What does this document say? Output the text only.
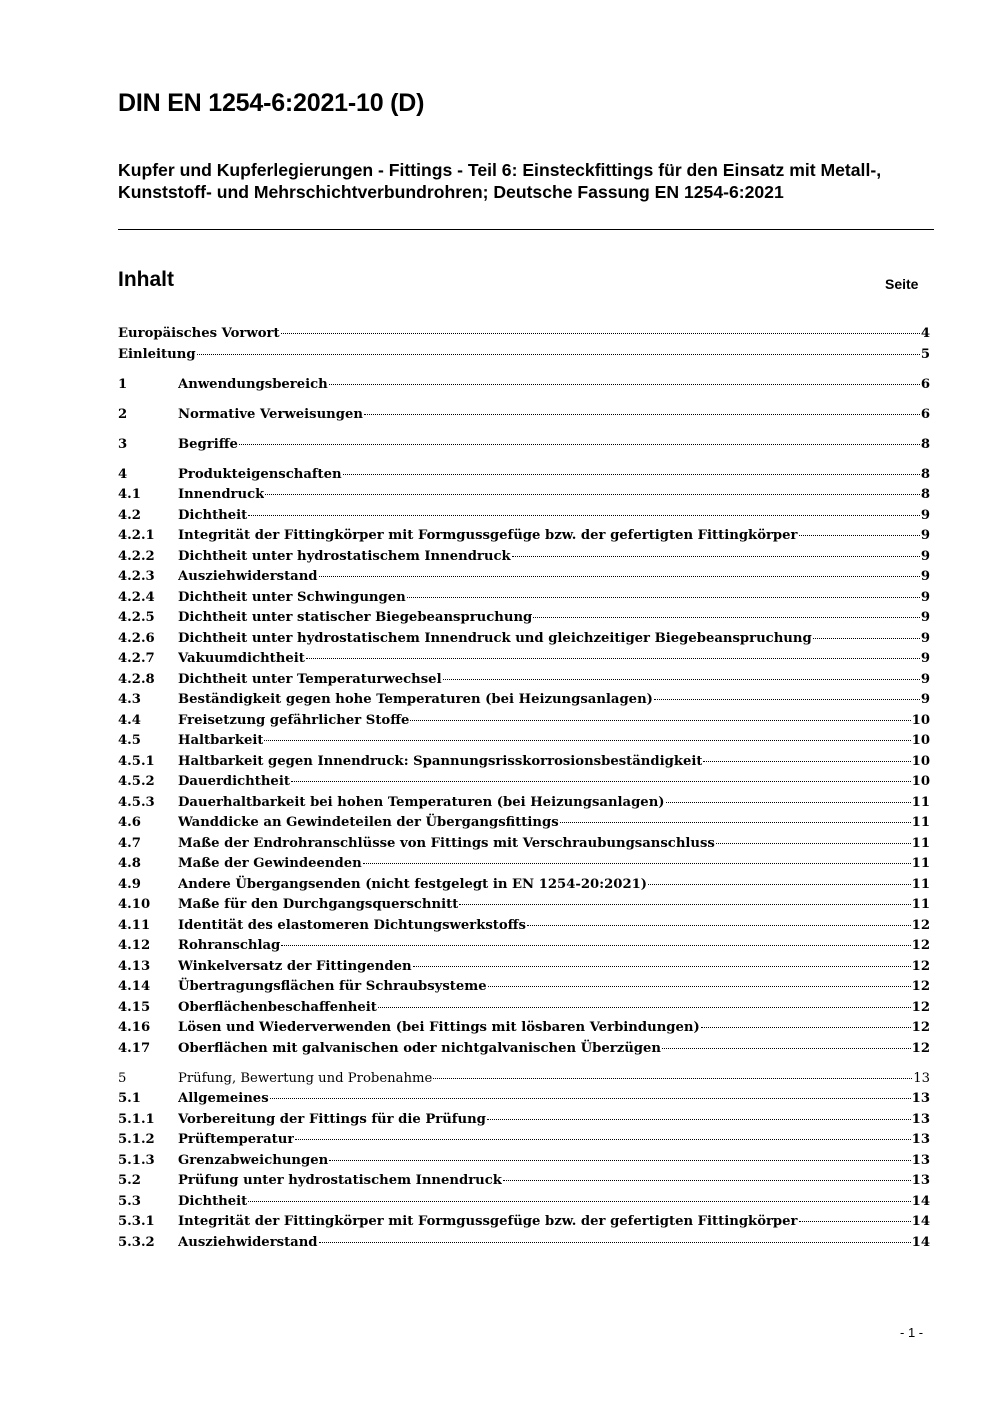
DIN EN 1254-6:2021-10 (D)

Kupfer und Kupferlegierungen - Fittings - Teil 6: Einsteckfittings für den Einsatz mit Metall-, Kunststoff- und Mehrschichtverbundrohren; Deutsche Fassung EN 1254-6:2021

Inhalt	Seite
Europäisches Vorwort	4
Einleitung	5
1	Anwendungsbereich	6
2	Normative Verweisungen	6
3	Begriffe	8
4	Produkteigenschaften	8
4.1	Innendruck	8
4.2	Dichtheit	9
4.2.1	Integrität der Fittingkörper mit Formgussgefüge bzw. der gefertigten Fittingkörper	9
4.2.2	Dichtheit unter hydrostatischem Innendruck	9
4.2.3	Ausziehwiderstand	9
4.2.4	Dichtheit unter Schwingungen	9
4.2.5	Dichtheit unter statischer Biegebeanspruchung	9
4.2.6	Dichtheit unter hydrostatischem Innendruck und gleichzeitiger Biegebeanspruchung	9
4.2.7	Vakuumdichtheit	9
4.2.8	Dichtheit unter Temperaturwechsel	9
4.3	Beständigkeit gegen hohe Temperaturen (bei Heizungsanlagen)	9
4.4	Freisetzung gefährlicher Stoffe	10
4.5	Haltbarkeit	10
4.5.1	Haltbarkeit gegen Innendruck: Spannungsrisskorrosionsbeständigkeit	10
4.5.2	Dauerdichtheit	10
4.5.3	Dauerhaltbarkeit bei hohen Temperaturen (bei Heizungsanlagen)	11
4.6	Wanddicke an Gewindeteilen der Übergangsfittings	11
4.7	Maße der Endrohranschlüsse von Fittings mit Verschraubungsanschluss	11
4.8	Maße der Gewindeenden	11
4.9	Andere Übergangsenden (nicht festgelegt in EN 1254-20:2021)	11
4.10	Maße für den Durchgangsquerschnitt	11
4.11	Identität des elastomeren Dichtungswerkstoffs	12
4.12	Rohranschlag	12
4.13	Winkelversatz der Fittingenden	12
4.14	Übertragungsflächen für Schraubsysteme	12
4.15	Oberflächenbeschaffenheit	12
4.16	Lösen und Wiederverwenden (bei Fittings mit lösbaren Verbindungen)	12
4.17	Oberflächen mit galvanischen oder nichtgalvanischen Überzügen	12
5	Prüfung, Bewertung und Probenahme	13
5.1	Allgemeines	13
5.1.1	Vorbereitung der Fittings für die Prüfung	13
5.1.2	Prüftemperatur	13
5.1.3	Grenzabweichungen	13
5.2	Prüfung unter hydrostatischem Innendruck	13
5.3	Dichtheit	14
5.3.1	Integrität der Fittingkörper mit Formgussgefüge bzw. der gefertigten Fittingkörper	14
5.3.2	Ausziehwiderstand	14
- 1 -
